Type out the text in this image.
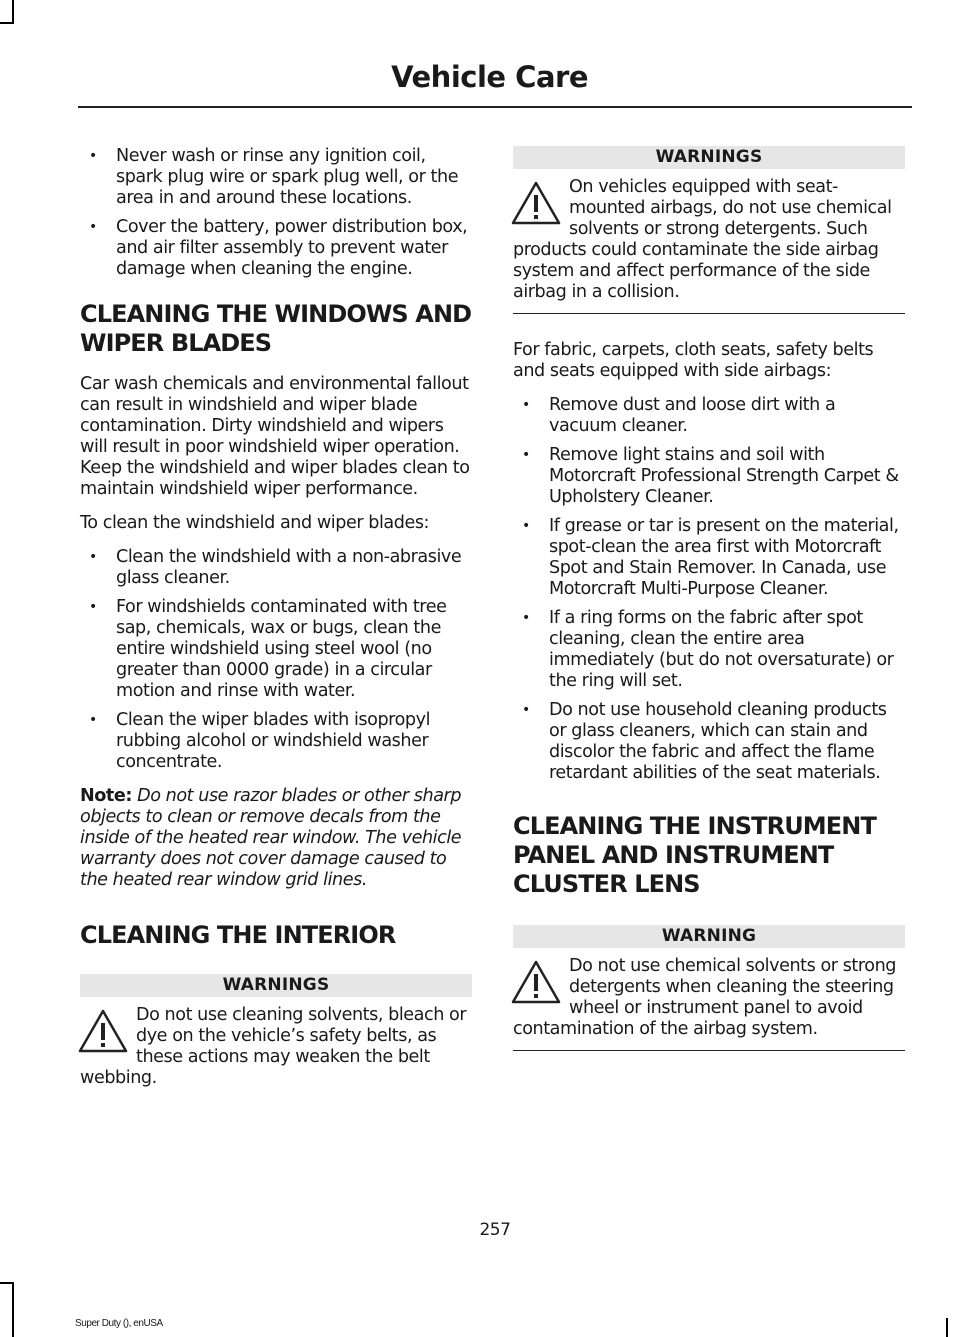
Vehicle Care
• Never wash or rinse any ignition coil, spark plug wire or spark plug well, or the area in and around these locations.
• Cover the battery, power distribution box, and air filter assembly to prevent water damage when cleaning the engine.
CLEANING THE WINDOWS AND
WIPER BLADES

Car wash chemicals and environmental fallout can result in windshield and wiper blade contamination. Dirty windshield and wipers will result in poor windshield wiper operation. Keep the windshield and wiper blades clean to maintain windshield wiper performance.

To clean the windshield and wiper blades:

• Clean the windshield with a non-abrasive glass cleaner.
• For windshields contaminated with tree sap, chemicals, wax or bugs, clean the entire windshield using steel wool (no greater than 0000 grade) in a circular motion and rinse with water.
• Clean the wiper blades with isopropyl rubbing alcohol or windshield washer concentrate.

Note: Do not use razor blades or other sharp objects to clean or remove decals from the inside of the heated rear window. The vehicle warranty does not cover damage caused to the heated rear window grid lines.

CLEANING THE INTERIOR
WARNINGS
Do not use cleaning solvents, bleach or dye on the vehicle’s safety belts, as these actions may weaken the belt webbing.
WARNINGS
On vehicles equipped with seat-mounted airbags, do not use chemical solvents or strong detergents. Such products could contaminate the side airbag system and affect performance of the side airbag in a collision.

For fabric, carpets, cloth seats, safety belts and seats equipped with side airbags:

• Remove dust and loose dirt with a vacuum cleaner.
• Remove light stains and soil with Motorcraft Professional Strength Carpet & Upholstery Cleaner.
• If grease or tar is present on the material, spot-clean the area first with Motorcraft Spot and Stain Remover. In Canada, use Motorcraft Multi-Purpose Cleaner.
• If a ring forms on the fabric after spot cleaning, clean the entire area immediately (but do not oversaturate) or the ring will set.
• Do not use household cleaning products or glass cleaners, which can stain and discolor the fabric and affect the flame retardant abilities of the seat materials.
CLEANING THE INSTRUMENT
PANEL AND INSTRUMENT
CLUSTER LENS
WARNING
Do not use chemical solvents or strong detergents when cleaning the steering wheel or instrument panel to avoid contamination of the airbag system.

257

Super Duty (), enUSA
